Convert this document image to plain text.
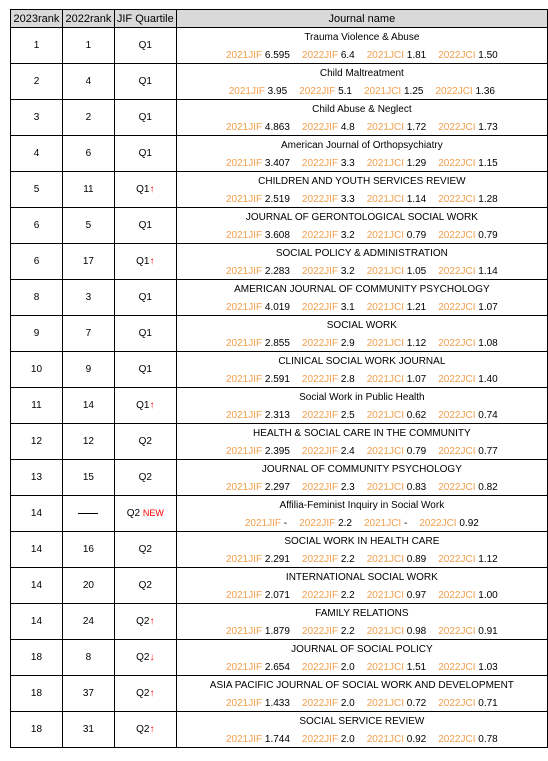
2023rank	2022rank	JIF Quartile	Journal name
1	1	Q1	Trauma Violence & Abuse
2021JIF 6.595 2022JIF 6.4 2021JCI 1.81 2022JCI 1.50

2	4	Q1	Child Maltreatment
2021JIF 3.95 2022JIF 5.1 2021JCI 1.25 2022JCI 1.36

3	2	Q1	Child Abuse & Neglect
2021JIF 4.863 2022JIF 4.8 2021JCI 1.72 2022JCI 1.73

4	6	Q1	American Journal of Orthopsychiatry
2021JIF 3.407 2022JIF 3.3 2021JCI 1.29 2022JCI 1.15

5	11	Q1↑	CHILDREN AND YOUTH SERVICES REVIEW
2021JIF 2.519 2022JIF 3.3 2021JCI 1.14 2022JCI 1.28

6	5	Q1	JOURNAL OF GERONTOLOGICAL SOCIAL WORK
2021JIF 3.608 2022JIF 3.2 2021JCI 0.79 2022JCI 0.79

6	17	Q1↑	SOCIAL POLICY & ADMINISTRATION
2021JIF 2.283 2022JIF 3.2 2021JCI 1.05 2022JCI 1.14

8	3	Q1	AMERICAN JOURNAL OF COMMUNITY PSYCHOLOGY
2021JIF 4.019 2022JIF 3.1 2021JCI 1.21 2022JCI 1.07

9	7	Q1	SOCIAL WORK
2021JIF 2.855 2022JIF 2.9 2021JCI 1.12 2022JCI 1.08

10	9	Q1	CLINICAL SOCIAL WORK JOURNAL
2021JIF 2.591 2022JIF 2.8 2021JCI 1.07 2022JCI 1.40

11	14	Q1↑	Social Work in Public Health
2021JIF 2.313 2022JIF 2.5 2021JCI 0.62 2022JCI 0.74

12	12	Q2	HEALTH & SOCIAL CARE IN THE COMMUNITY
2021JIF 2.395 2022JIF 2.4 2021JCI 0.79 2022JCI 0.77

13	15	Q2	JOURNAL OF COMMUNITY PSYCHOLOGY
2021JIF 2.297 2022JIF 2.3 2021JCI 0.83 2022JCI 0.82

14		Q2 NEW	Affilia-Feminist Inquiry in Social Work
2021JIF - 2022JIF 2.2 2021JCI - 2022JCI 0.92

14	16	Q2	SOCIAL WORK IN HEALTH CARE
2021JIF 2.291 2022JIF 2.2 2021JCI 0.89 2022JCI 1.12

14	20	Q2	INTERNATIONAL SOCIAL WORK
2021JIF 2.071 2022JIF 2.2 2021JCI 0.97 2022JCI 1.00

14	24	Q2↑	FAMILY RELATIONS
2021JIF 1.879 2022JIF 2.2 2021JCI 0.98 2022JCI 0.91

18	8	Q2↓	JOURNAL OF SOCIAL POLICY
2021JIF 2.654 2022JIF 2.0 2021JCI 1.51 2022JCI 1.03

18	37	Q2↑	ASIA PACIFIC JOURNAL OF SOCIAL WORK AND DEVELOPMENT
2021JIF 1.433 2022JIF 2.0 2021JCI 0.72 2022JCI 0.71

18	31	Q2↑	SOCIAL SERVICE REVIEW
2021JIF 1.744 2022JIF 2.0 2021JCI 0.92 2022JCI 0.78
